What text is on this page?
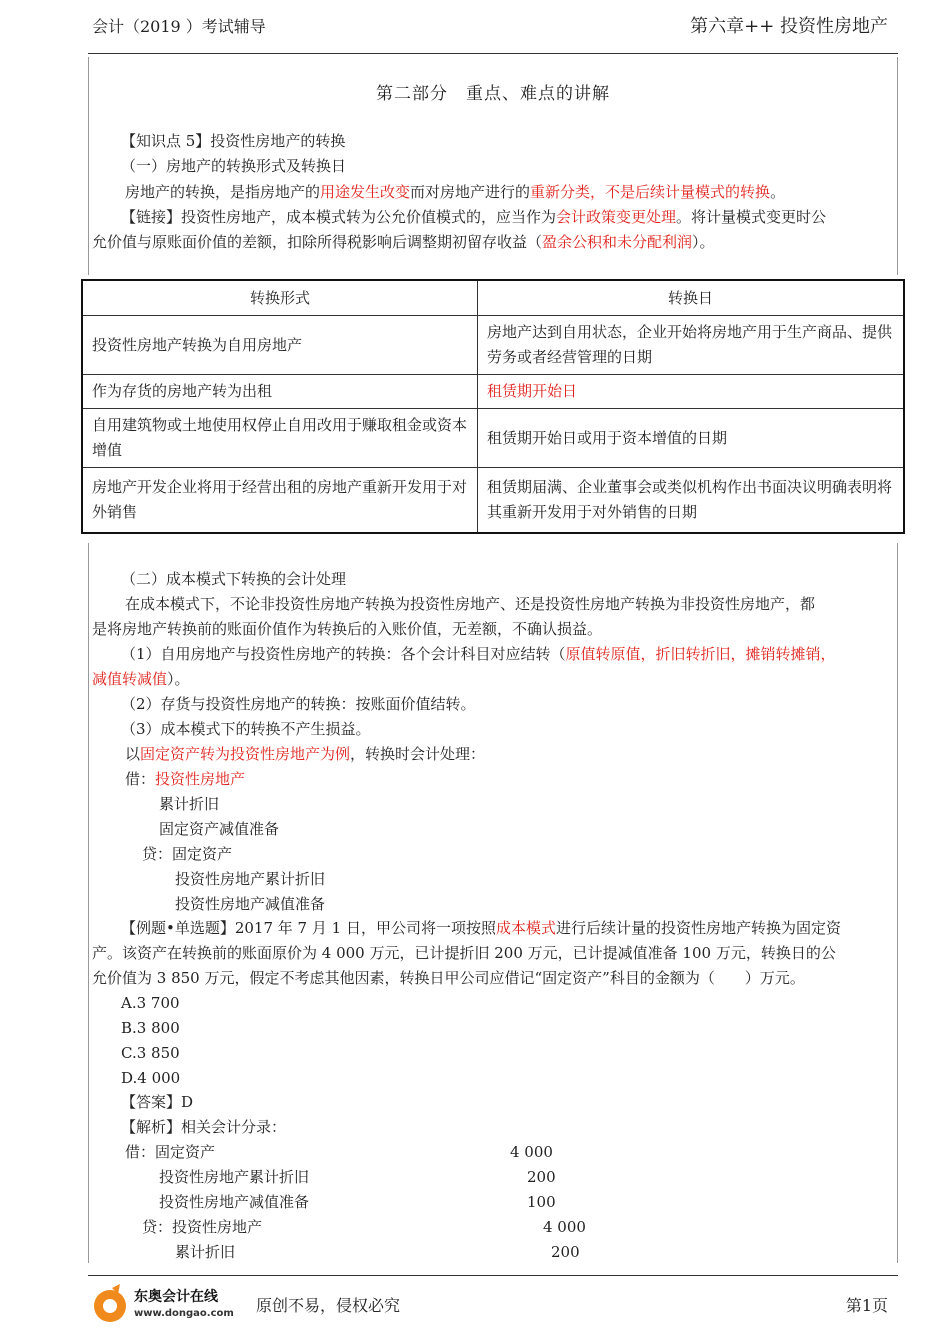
会计（2019 ）考试辅导	第六章++ 投资性房地产
第二部分　重点、难点的讲解
【知识点 5】投资性房地产的转换
（一）房地产的转换形式及转换日
房地产的转换，是指房地产的用途发生改变而对房地产进行的重新分类，不是后续计量模式的转换。
【链接】投资性房地产，成本模式转为公允价值模式的，应当作为会计政策变更处理。将计量模式变更时公
允价值与原账面价值的差额，扣除所得税影响后调整期初留存收益（盈余公积和未分配利润）。
转换形式	转换日
投资性房地产转换为自用房地产	房地产达到自用状态，企业开始将房地产用于生产商品、提供劳务或者经营管理的日期
作为存货的房地产转为出租	租赁期开始日
自用建筑物或土地使用权停止自用改用于赚取租金或资本增值	租赁期开始日或用于资本增值的日期
房地产开发企业将用于经营出租的房地产重新开发用于对外销售	租赁期届满、企业董事会或类似机构作出书面决议明确表明将其重新开发用于对外销售的日期
（二）成本模式下转换的会计处理
在成本模式下，不论非投资性房地产转换为投资性房地产、还是投资性房地产转换为非投资性房地产，都
是将房地产转换前的账面价值作为转换后的入账价值，无差额，不确认损益。
（1）自用房地产与投资性房地产的转换：各个会计科目对应结转（原值转原值，折旧转折旧，摊销转摊销，
减值转减值）。
（2）存货与投资性房地产的转换：按账面价值结转。
（3）成本模式下的转换不产生损益。
以固定资产转为投资性房地产为例，转换时会计处理：
借：投资性房地产
累计折旧
固定资产减值准备
贷：固定资产
投资性房地产累计折旧
投资性房地产减值准备
【例题•单选题】2017 年 7 月 1 日，甲公司将一项按照成本模式进行后续计量的投资性房地产转换为固定资
产。该资产在转换前的账面原价为 4 000 万元，已计提折旧 200 万元，已计提减值准备 100 万元，转换日的公
允价值为 3 850 万元，假定不考虑其他因素，转换日甲公司应借记“固定资产”科目的金额为（　　）万元。
A.3 700
B.3 800
C.3 850
D.4 000
【答案】D
【解析】相关会计分录：
借：固定资产	4 000
投资性房地产累计折旧	200
投资性房地产减值准备	100
贷：投资性房地产	4 000
累计折旧	200
东奥会计在线
www.dongao.com 原创不易，侵权必究	第1页
